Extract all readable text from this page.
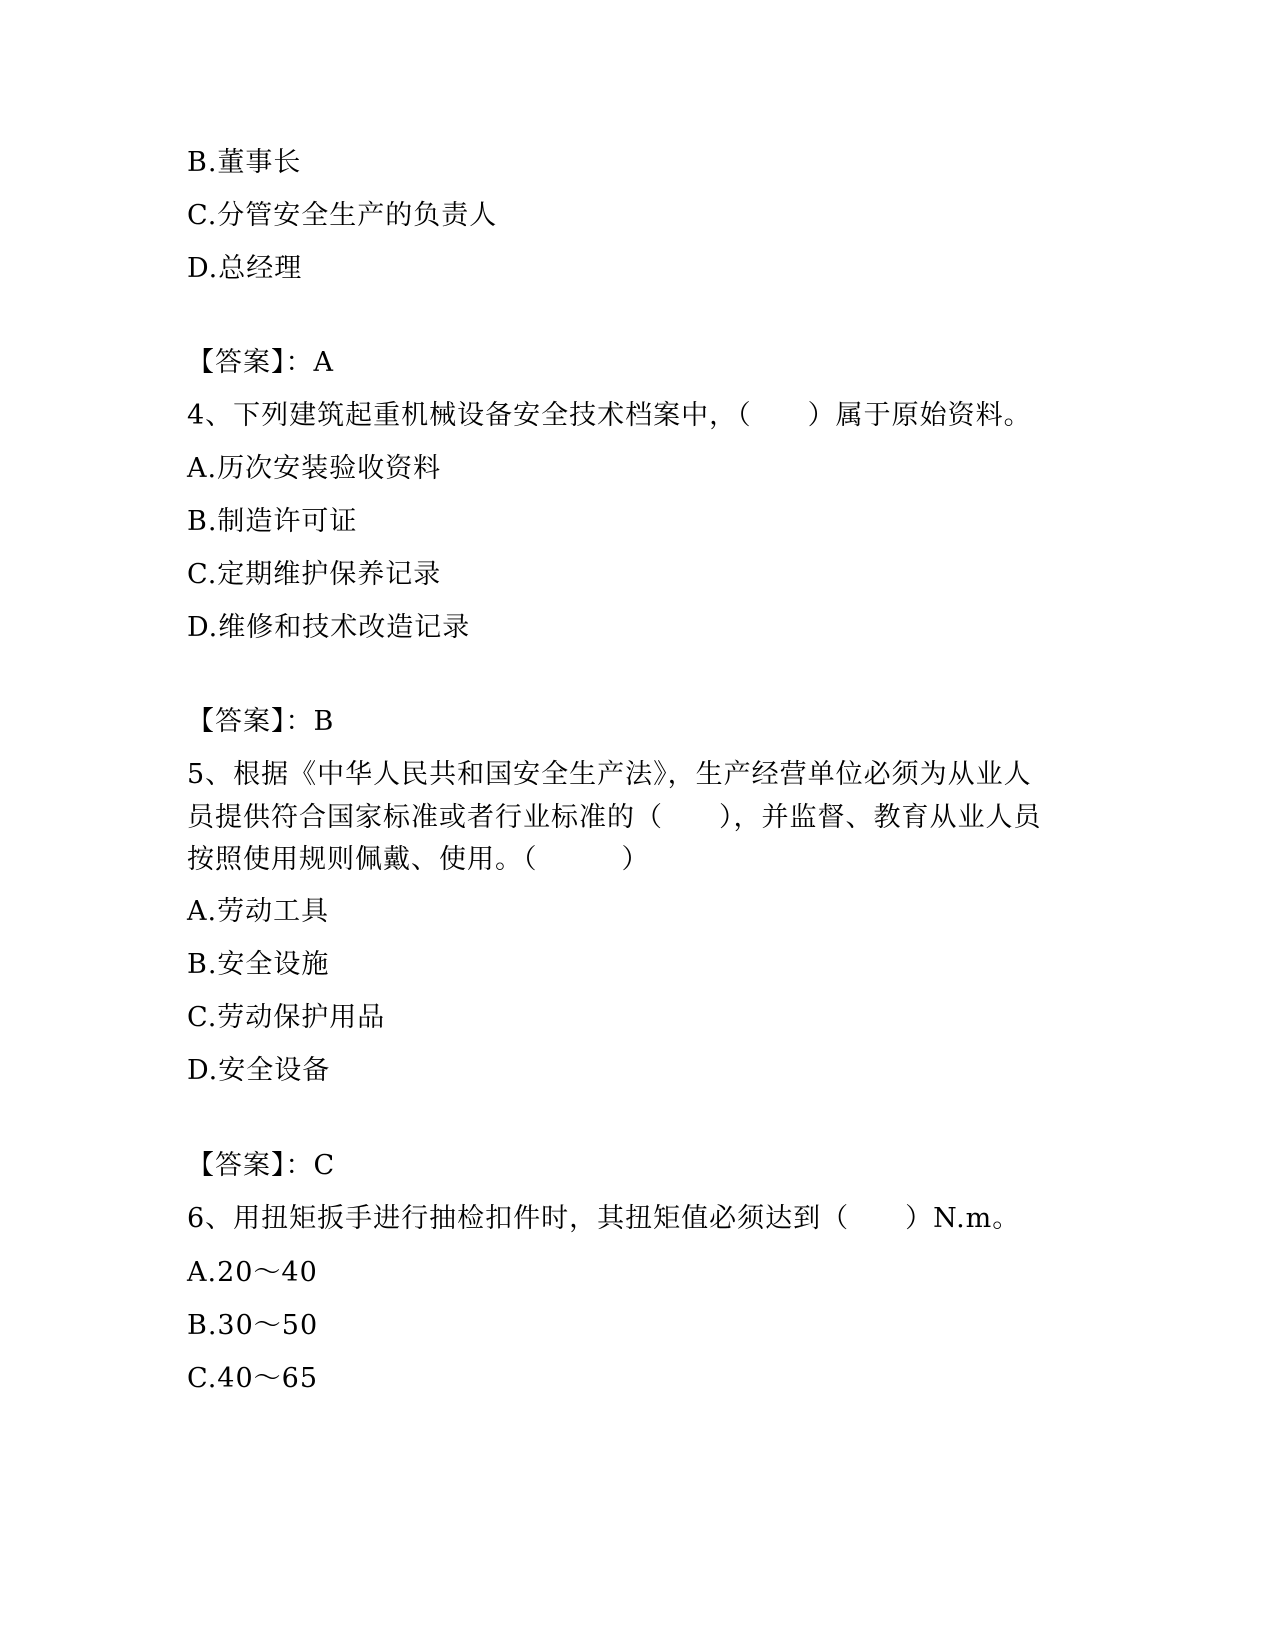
B.董事长
C.分管安全生产的负责人
D.总经理
【答案】：A
4、下列建筑起重机械设备安全技术档案中，（　　）属于原始资料。
A.历次安装验收资料
B.制造许可证
C.定期维护保养记录
D.维修和技术改造记录
【答案】：B
5、根据《中华人民共和国安全生产法》，生产经营单位必须为从业人
员提供符合国家标准或者行业标准的（　　），并监督、教育从业人员
按照使用规则佩戴、使用。（　　　）
A.劳动工具
B.安全设施
C.劳动保护用品
D.安全设备
【答案】：C
6、用扭矩扳手进行抽检扣件时，其扭矩值必须达到（　　）N.m。
A.20～40
B.30～50
C.40～65
